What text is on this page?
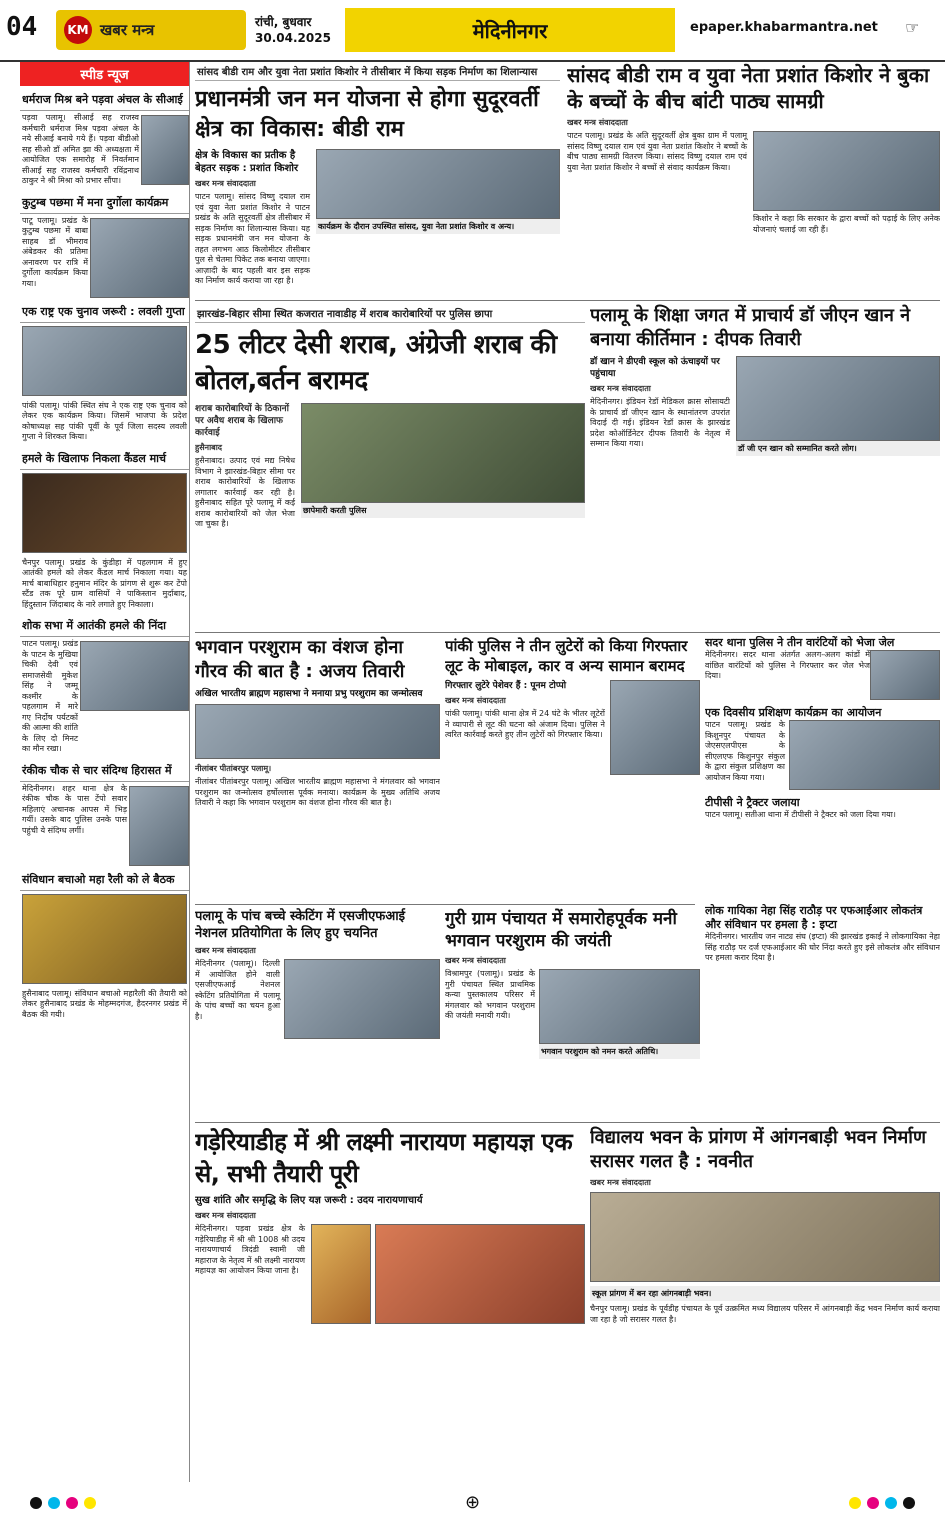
04	KM खबर मन्त्र	रांची, बुधवार
30.04.2025	मेदिनीनगर	epaper.khabarmantra.net ☞
स्पीड न्यूज
धर्मराज मिश्र बने पड़वा अंचल के सीआई
पड़वा पलामू। सीआई सह राजस्व कर्मचारी धर्मराज मिश्र पड़वा अंचल के नये सीआई बनाये गये हैं। पड़वा बीडीओ सह सीओ डॉ अमित झा की अध्यक्षता में आयोजित एक समारोह में निवर्तमान सीआई सह राजस्व कर्मचारी रविंद्रनाथ ठाकुर ने श्री मिश्रा को प्रभार सौंपा।
कुटुम्ब पछमा में मना दुर्गोला कार्यक्रम
पाटू पलामू। प्रखंड के कुटुम्ब पछमा में बाबा साहब डॉ भीमराव अंबेडकर की प्रतिमा अनावरण पर रात्रि में दुर्गोला कार्यक्रम किया गया।
एक राष्ट्र एक चुनाव जरूरी : लवली गुप्ता
पांकी पलामू। पांकी स्थित संघ ने एक राष्ट्र एक चुनाव को लेकर एक कार्यक्रम किया। जिसमें भाजपा के प्रदेश कोषाध्यक्ष सह पांकी पूर्वी के पूर्व जिला सदस्य लवली गुप्ता ने शिरकत किया।
हमले के खिलाफ निकला कैंडल मार्च
चैनपुर पलामू। प्रखंड के कुंडीहा में पहलगाम में हुए आतंकी हमले को लेकर कैंडल मार्च निकाला गया। यह मार्च बाबाधिहार हनुमान मंदिर के प्रांगण से शुरू कर टेंपो स्टैंड तक पूरे ग्राम वासियों ने पाकिस्तान मुर्दाबाद, हिंदुस्तान जिंदाबाद के नारे लगाते हुए निकाला।
शोक सभा में आतंकी हमले की निंदा
पाटन पलामू। प्रखंड के पाटन के मुखिया चिकी देवी एवं समाजसेवी मुकेश सिंह ने जम्मू कश्मीर के पहलगाम में मारे गए निर्दोष पर्यटकों की आत्मा की शांति के लिए दो मिनट का मौन रखा।
रंकीक चौक से चार संदिग्ध हिरासत में
मेदिनीनगर। शहर थाना क्षेत्र के रंकीक चौक के पास टेंपो सवार महिलाएं अचानक आपस में भिड़ गयीं। उसके बाद पुलिस उनके पास पहुंची ये संदिग्ध लगीं।
संविधान बचाओ महा रैली को ले बैठक
हुसैनाबाद पलामू। संविधान बचाओ महारैली की तैयारी को लेकर हुसैनाबाद प्रखंड के मोहम्मदगंज, हैदरनगर प्रखंड में बैठक की गयी।
सांसद बीडी राम और युवा नेता प्रशांत किशोर ने तीसीबार में किया सड़क निर्माण का शिलान्यास
प्रधानमंत्री जन मन योजना से होगा सुदूरवर्ती क्षेत्र का विकास: बीडी राम
क्षेत्र के विकास का प्रतीक है बेहतर सड़क : प्रशांत किशोर
खबर मन्त्र संवाददाता
पाटन पलामू। सांसद विष्णु दयाल राम एवं युवा नेता प्रशांत किशोर ने पाटन प्रखंड के अति सुदूरवर्ती क्षेत्र तीसीबार में सड़क निर्माण का शिलान्यास किया। यह सड़क प्रधानमंत्री जन मन योजना के तहत लगभग आठ किलोमीटर तीसीबार पुल से चेतमा पिकेट तक बनाया जाएगा। आज़ादी के बाद पहली बार इस सड़क का निर्माण कार्य कराया जा रहा है।
कार्यक्रम के दौरान उपस्थित सांसद, युवा नेता प्रशांत किशोर व अन्य।
सांसद बीडी राम व युवा नेता प्रशांत किशोर ने बुका के बच्चों के बीच बांटी पाठ्य सामग्री
खबर मन्त्र संवाददाता
पाटन पलामू। प्रखंड के अति सुदूरवर्ती क्षेत्र बुका ग्राम में पलामू सांसद विष्णु दयाल राम एवं युवा नेता प्रशांत किशोर ने बच्चों के बीच पाठ्य सामग्री वितरण किया। सांसद विष्णु दयाल राम एवं युवा नेता प्रशांत किशोर ने बच्चों से संवाद कार्यक्रम किया।
किशोर ने कहा कि सरकार के द्वारा बच्चों को पढ़ाई के लिए अनेक योजनाएं चलाई जा रही हैं।
झारखंड-बिहार सीमा स्थित कजरात नावाडीह में शराब कारोबारियों पर पुलिस छापा
25 लीटर देसी शराब, अंग्रेजी शराब की बोतल,बर्तन बरामद
शराब कारोबारियों के ठिकानों पर अवैध शराब के खिलाफ कार्रवाई
हुसैनाबाद
हुसैनाबाद। उत्पाद एवं मद्य निषेध विभाग ने झारखंड-बिहार सीमा पर शराब कारोबारियों के खिलाफ लगातार कार्रवाई कर रही है। हुसैनाबाद सहित पूरे पलामू में कई शराब कारोबारियों को जेल भेजा जा चुका है।
छापेमारी करती पुलिस
पलामू के शिक्षा जगत में प्राचार्य डॉ जीएन खान ने बनाया कीर्तिमान : दीपक तिवारी
डॉ खान ने डीएवी स्कूल को ऊंचाइयों पर पहुंचाया
खबर मन्त्र संवाददाता
मेदिनीनगर। इंडियन रेडॉ मेडिकल क्रास सोसायटी के प्राचार्य डॉ जीएन खान के स्थानांतरण उपरांत विदाई दी गई। इंडियन रेडॉ क्रास के झारखंड प्रदेश कोऑर्डिनेटर दीपक तिवारी के नेतृत्व में सम्मान किया गया।
डॉ जी एन खान को सम्मानित करते लोग।
भगवान परशुराम का वंशज होना गौरव की बात है : अजय तिवारी
अखिल भारतीय ब्राह्मण महासभा ने मनाया प्रभु परशुराम का जन्मोत्सव
नीलांबर पीतांबरपुर पलामू।
नीलांबर पीतांबरपुर पलामू। अखिल भारतीय ब्राह्मण महासभा ने मंगलवार को भगवान परशुराम का जन्मोत्सव हर्षोल्लास पूर्वक मनाया। कार्यक्रम के मुख्य अतिथि अजय तिवारी ने कहा कि भगवान परशुराम का वंशज होना गौरव की बात है।
पांकी पुलिस ने तीन लुटेरों को किया गिरफ्तार लूट के मोबाइल, कार व अन्य सामान बरामद
गिरफ्तार लुटेरे पेशेवर हैं : पूनम टोप्पो
खबर मन्त्र संवाददाता
पांकी पलामू। पांकी थाना क्षेत्र में 24 घंटे के भीतर लूटेरों ने व्यापारी से लूट की घटना को अंजाम दिया। पुलिस ने त्वरित कार्रवाई करते हुए तीन लुटेरों को गिरफ्तार किया।
सदर थाना पुलिस ने तीन वारंटियों को भेजा जेल
मेदिनीनगर। सदर थाना अंतर्गत अलग-अलग कांडों में वांछित वारंटियों को पुलिस ने गिरफ्तार कर जेल भेज दिया।
एक दिवसीय प्रशिक्षण कार्यक्रम का आयोजन
पाटन पलामू। प्रखंड के किशुनपुर पंचायत के जेएसएलपीएस के सीएलएफ किशुनपुर संकुल के द्वारा संकुल प्रशिक्षण का आयोजन किया गया।
टीपीसी ने ट्रैक्टर जलाया
पाटन पलामू। सतीआ थाना में टीपीसी ने ट्रैक्टर को जला दिया गया।
लोक गायिका नेहा सिंह राठौड़ पर एफआईआर लोकतंत्र और संविधान पर हमला है : इप्टा
मेदिनीनगर। भारतीय जन नाट्य संघ (इप्टा) की झारखंड इकाई ने लोकगायिका नेहा सिंह राठौड़ पर दर्ज एफआईआर की घोर निंदा करते हुए इसे लोकतंत्र और संविधान पर हमला करार दिया है।
पलामू के पांच बच्चे स्केटिंग में एसजीएफआई नेशनल प्रतियोगिता के लिए हुए चयनित
खबर मन्त्र संवाददाता
मेदिनीनगर (पलामू)। दिल्ली में आयोजित होने वाली एसजीएफआई नेशनल स्केटिंग प्रतियोगिता में पलामू के पांच बच्चों का चयन हुआ है।
गुरी ग्राम पंचायत में समारोहपूर्वक मनी भगवान परशुराम की जयंती
खबर मन्त्र संवाददाता
विश्रामपुर (पलामू)। प्रखंड के गुरी पंचायत स्थित प्राथमिक कन्या पुस्तकालय परिसर में मंगलवार को भगवान परशुराम की जयंती मनायी गयी।
भगवान परशुराम को नमन करते अतिथि।
गड़ेरियाडीह में श्री लक्ष्मी नारायण महायज्ञ एक से, सभी तैयारी पूरी
सुख शांति और समृद्धि के लिए यज्ञ जरूरी : उदय नारायणाचार्य
खबर मन्त्र संवाददाता
मेदिनीनगर। पड़वा प्रखंड क्षेत्र के गड़ेरियाडीह में श्री श्री 1008 श्री उदय नारायणाचार्य त्रिदंडी स्वामी जी महाराज के नेतृत्व में श्री लक्ष्मी नारायण महायज्ञ का आयोजन किया जाना है।
विद्यालय भवन के प्रांगण में आंगनबाड़ी भवन निर्माण सरासर गलत है : नवनीत
खबर मन्त्र संवाददाता
स्कूल प्रांगण में बन रहा आंगनबाड़ी भवन।
चैनपुर पलामू। प्रखंड के पूर्वडीह पंचायत के पूर्व उत्क्रमित मध्य विद्यालय परिसर में आंगनबाड़ी केंद्र भवन निर्माण कार्य कराया जा रहा है जो सरासर गलत है।
⊕
